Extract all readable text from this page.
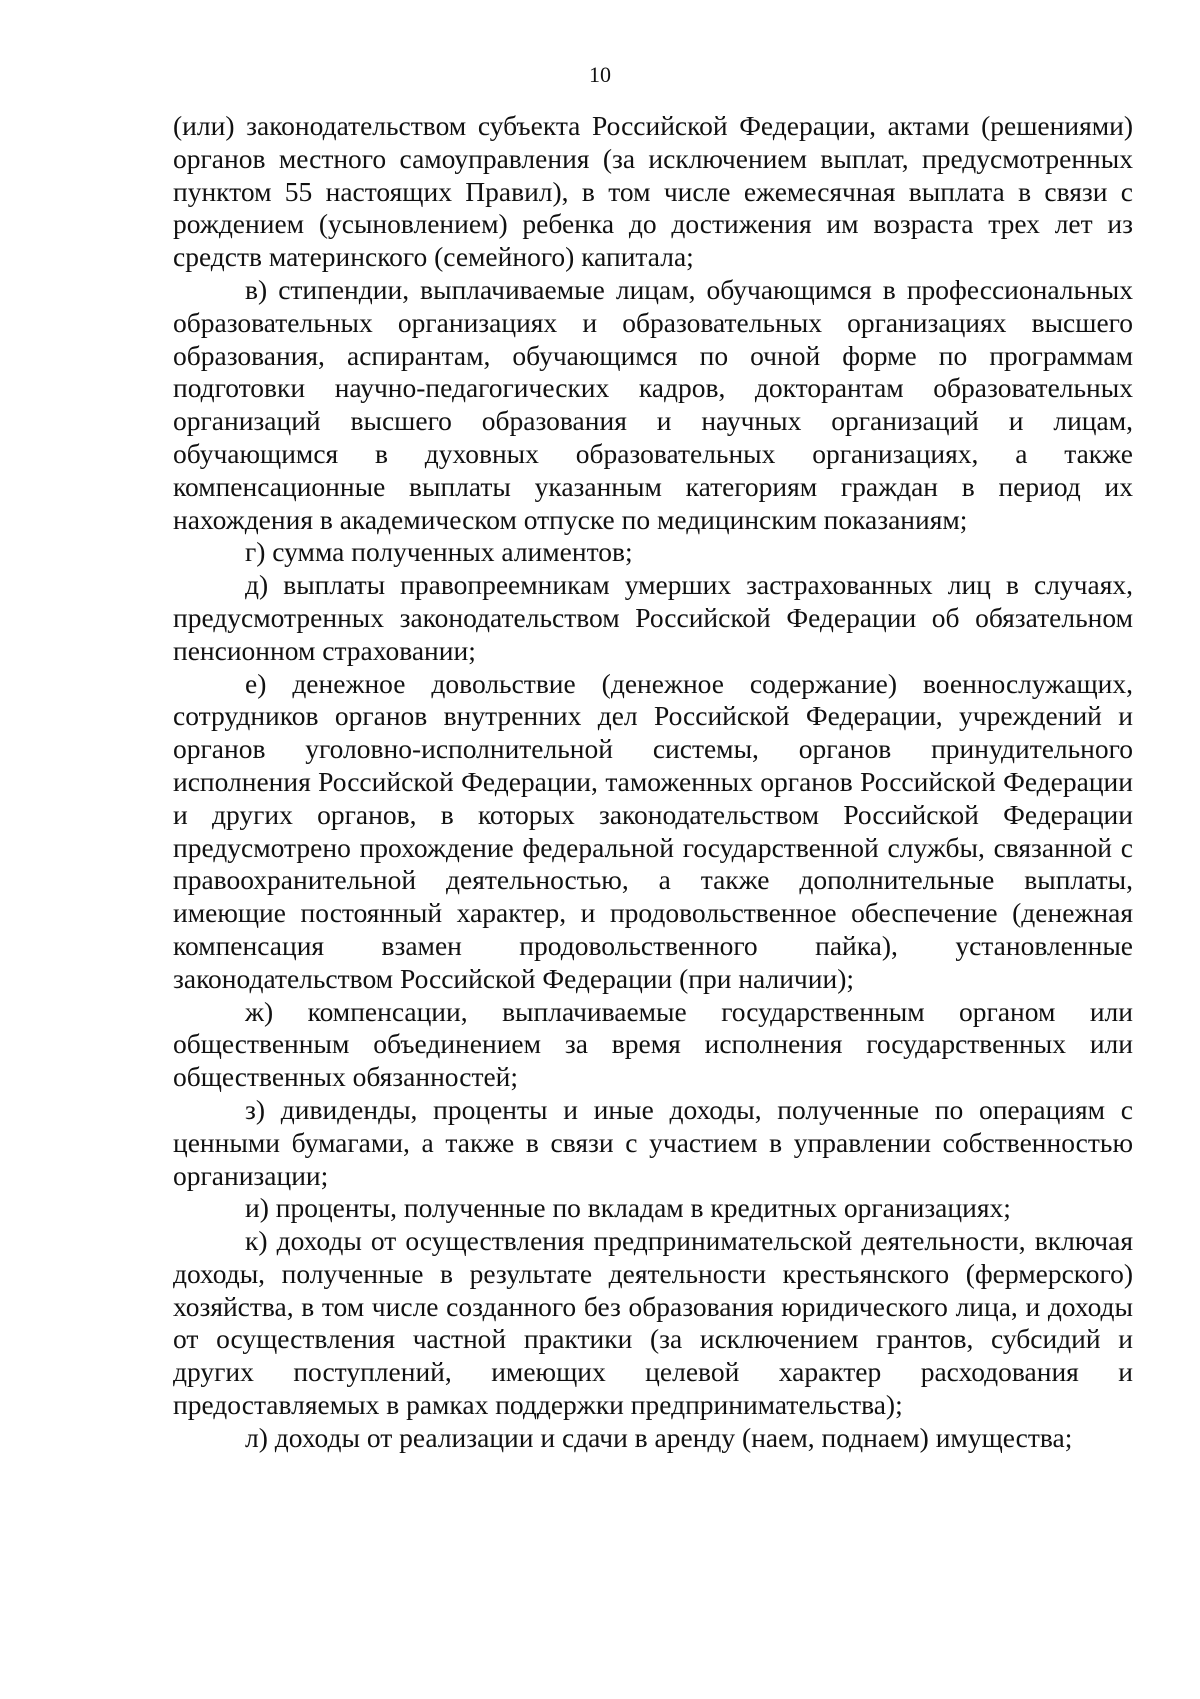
10

(или) законодательством субъекта Российской Федерации, актами (решениями) органов местного самоуправления (за исключением выплат, предусмотренных пунктом 55 настоящих Правил), в том числе ежемесячная выплата в связи с рождением (усыновлением) ребенка до достижения им возраста трех лет из средств материнского (семейного) капитала;

в) стипендии, выплачиваемые лицам, обучающимся в профессиональных образовательных организациях и образовательных организациях высшего образования, аспирантам, обучающимся по очной форме по программам подготовки научно-педагогических кадров, докторантам образовательных организаций высшего образования и научных организаций и лицам, обучающимся в духовных образовательных организациях, а также компенсационные выплаты указанным категориям граждан в период их нахождения в академическом отпуске по медицинским показаниям;

г) сумма полученных алиментов;

д) выплаты правопреемникам умерших застрахованных лиц в случаях, предусмотренных законодательством Российской Федерации об обязательном пенсионном страховании;

е) денежное довольствие (денежное содержание) военнослужащих, сотрудников органов внутренних дел Российской Федерации, учреждений и органов уголовно-исполнительной системы, органов принудительного исполнения Российской Федерации, таможенных органов Российской Федерации и других органов, в которых законодательством Российской Федерации предусмотрено прохождение федеральной государственной службы, связанной с правоохранительной деятельностью, а также дополнительные выплаты, имеющие постоянный характер, и продовольственное обеспечение (денежная компенсация взамен продовольственного пайка), установленные законодательством Российской Федерации (при наличии);

ж) компенсации, выплачиваемые государственным органом или общественным объединением за время исполнения государственных или общественных обязанностей;

з) дивиденды, проценты и иные доходы, полученные по операциям с ценными бумагами, а также в связи с участием в управлении собственностью организации;

и) проценты, полученные по вкладам в кредитных организациях;

к) доходы от осуществления предпринимательской деятельности, включая доходы, полученные в результате деятельности крестьянского (фермерского) хозяйства, в том числе созданного без образования юридического лица, и доходы от осуществления частной практики (за исключением грантов, субсидий и других поступлений, имеющих целевой характер расходования и предоставляемых в рамках поддержки предпринимательства);

л) доходы от реализации и сдачи в аренду (наем, поднаем) имущества;
